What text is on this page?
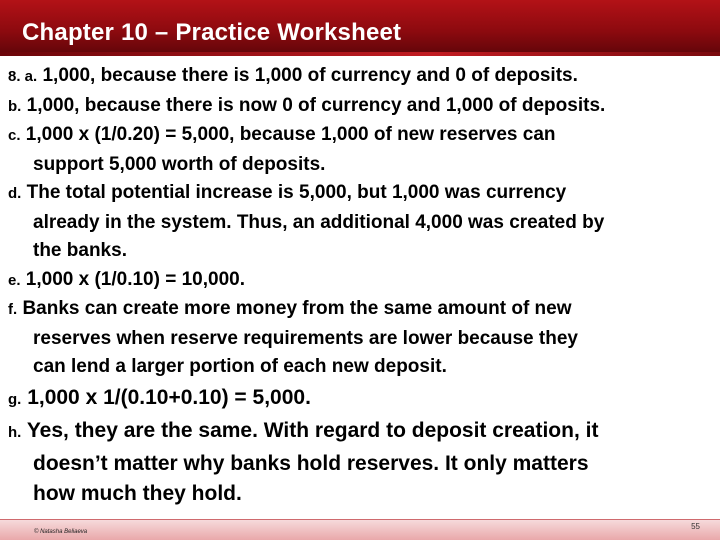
Chapter 10 – Practice Worksheet
8. a. 1,000, because there is 1,000 of currency and 0 of deposits.
b. 1,000, because there is now 0 of currency and 1,000 of deposits.
c. 1,000 x (1/0.20) = 5,000, because 1,000 of new reserves can
support 5,000 worth of deposits.
d. The total potential increase is 5,000, but 1,000 was currency
already in the system. Thus, an additional 4,000 was created by
the banks.
e. 1,000 x (1/0.10) = 10,000.
f. Banks can create more money from the same amount of new
reserves when reserve requirements are lower because they
can lend a larger portion of each new deposit.
g. 1,000 x 1/(0.10+0.10) = 5,000.
h. Yes, they are the same. With regard to deposit creation, it
doesn’t matter why banks hold reserves. It only matters
how much they hold.
© Natasha Beliaeva
55
